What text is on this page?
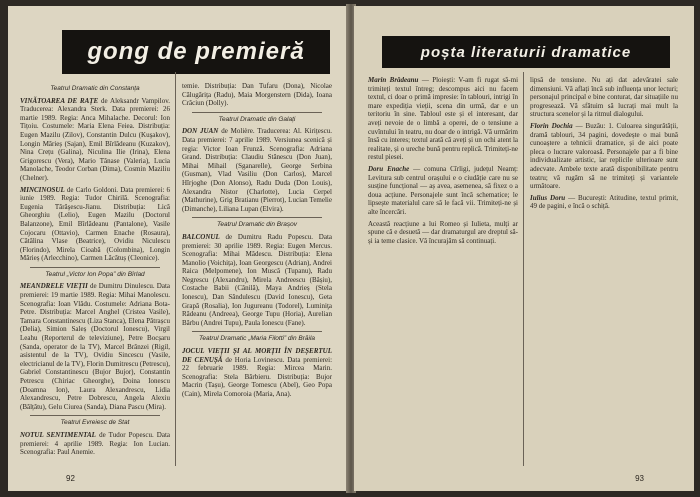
gong de premieră
Teatrul Dramatic din Constanța

VINĂTOAREA DE RAȚE de Aleksandr Vampilov. Traducerea: Alexandra Sterk. Data premierei: 26 martie 1989. Regia: Anca Mihalache. Decorul: Ion Tițoiu. Costumele: Maria Elena Feiea. Distribuția: Eugen Mazilu (Zilov), Constantin Dulcu (Kuşakov), Longin Mărieș (Sajan), Emil Bîrlădeanu (Kuzakov), Nina Crețu (Galina), Niculina Ilie (Irina), Elena Grigorescu (Vera), Mario Tănase (Valeria), Lucia Manolache, Teodor Corban (Dima), Cosmin Maziliu (Chelner).

MINCINOSUL de Carlo Goldoni. Data premierei: 6 iunie 1989. Regia: Tudor Chirilă. Scenografia: Eugenia Tărăşescu-Jianu. Distribuția: Lică Gheorghiu (Lelio), Eugen Mazilu (Doctorul Balanzone), Emil Bîrlădeanu (Pantalone), Vasile Cojocaru (Ottavio), Carmen Enache (Rosaura), Cătălina Vlase (Beatrice), Ovidiu Niculescu (Florindo), Mirela Cioabă (Colombina), Longin Mărieș (Arlecchino), Carmen Lăcătuș (Cleonice).

Teatrul „Victor Ion Popa” din Bîrlad

MEANDRELE VIEȚII de Dumitru Dinulescu. Data premierei: 19 martie 1989. Regia: Mihai Manolescu. Scenografia: Ioan Vlădu. Costumele: Adriana Bota-Petre. Distribuția: Marcel Anghel (Cristea Vasile), Tamara Constantinescu (Liza Stanca), Elena Pătrașcu (Delia), Simion Saleș (Doctorul Ionescu), Virgil Leahu (Reporterul de televiziune), Petre Bocșaru (Sanda, operator de la TV), Marcel Brânzei (Rigil, asistentul de la TV), Ovidiu Sincescu (Vasile, electricianul de la TV), Florin Dumitrescu (Petrescu), Gabriel Constantinescu (Bujor Bujor), Constantin Petrescu (Chiriac Gheorghe), Doina Ionescu (Doamna Ion), Laura Alexandrescu, Lidia Alexandrescu, Petre Dobrescu, Angela Alexiu (Bălțătu), Gelu Ciurea (Sanda), Diana Pascu (Mira).

Teatrul Evreiesc de Stat

NOTUL SENTIMENTAL de Tudor Popescu. Data premierei: 4 aprilie 1989. Regia: Ion Lucian. Scenografia: Paul Anemie.

temie. Distribuția: Dan Tufaru (Dona), Nicolae Călugărița (Radu), Maia Morgenstern (Dida), Ioana Crăciun (Dolly).

Teatrul Dramatic din Galați

DON JUAN de Molière. Traducerea: Al. Kirițescu. Data premierei: 7 aprilie 1989. Versiunea scenică și regia: Victor Ioan Frunză. Scenografia: Adriana Grand. Distribuția: Claudiu Stănescu (Don Juan), Mihai Mihail (Sganarelle), George Serbina (Gusman), Vlad Vasiliu (Don Carlos), Marcel Hîrjoghe (Don Alonso), Radu Duda (Don Louis), Alexandra Nistor (Charlotte), Lucia Cerpel (Mathurine), Grig Bratianu (Pierrot), Lucian Temelie (Dimanche), Liliana Lupan (Elvira).

Teatrul Dramatic din Brașov

BALCONUL de Dumitru Radu Popescu. Data premierei: 30 aprilie 1989. Regia: Eugen Mercus. Scenografia: Mihai Mădescu. Distribuția: Elena Manolio (Voichița), Ioan Georgescu (Adrian), Andrei Raica (Melpomene), Ion Muscă (Tupanu), Radu Negrescu (Alexandru), Mirela Andreescu (Bășiu), Costache Babii (Cănilă), Maya Andrieș (Stela Ionescu), Dan Săndulescu (David Ionescu), Geta Grapă (Rosalia), Ion Jugureanu (Todorel), Luminiţa Rădeanu (Andreea), George Tupu (Horia), Aurelian Bărbu (Andrei Tupu), Paula Ionescu (Fane).

Teatrul Dramatic „Maria Filotti” din Brăila

JOCUL VIEȚII ȘI AL MORȚII ÎN DEȘERTUL DE CENUȘĂ de Horia Lovinescu. Data premierei: 22 februarie 1989. Regia: Mircea Marin. Scenografia: Stela Bărbieru. Distribuția: Bujor Macrin (Tașu), George Tomescu (Abel), Geo Popa (Cain), Mirela Comoroia (Maria, Ana).

92
poșta literaturii dramatice

Marin Brădeanu — Ploiești: V-am fi rugat să-mi trimiteți textul întreg; descompus aici nu facem textul, ci doar o primă impresie: în tablouri, intrigi în mare expediția vieții, scena din urmă, dar e un teritoriu în sine. Tabloul este și el interesant, dar aveți nevoie de o limbă a operei, de o tensiune a cuvîntului în teatru, nu doar de o intrigă. Vă urmărim însă cu interes; textul arată că aveți și un ochi atent la realitate, și o ureche bună pentru replică. Trimiteți-ne restul piesei.

Doru Enache — comuna Cîrligi, județul Neamț: Levitura sub centrul orașului e o ciudăție care nu se susține funcțional — aș avea, asemenea, să fixez o a doua acțiune. Personajele sunt încă schematice; le lipsește materialul care să le facă vii. Trimiteți-ne și alte încercări.

Această reacțiune a lui Romeo și Iulieta, mulți ar spune că e desuetă — dar dramaturgul are dreptul să-și ia teme clasice. Vă încurajăm să continuați.

lipsă de tensiune. Nu ați dat adevăratei sale dimensiuni. Vă aflați încă sub influența unor lecturi; personajul principal e bine conturat, dar situațiile nu progresează. Vă sfătuim să lucrați mai mult la structura scenelor și la ritmul dialogului.

Florin Dochia — Buzău: 1. Culoarea singurătății, dramă tablouri, 34 pagini, dovedește o mai bună cunoaștere a tehnicii dramatice, și de aici poate pleca o lucrare valoroasă. Personajele par a fi bine individualizate artistic, iar replicile ulterioare sunt adecvate. Ambele texte arată disponibilitate pentru teatru; vă rugăm să ne trimiteți și variantele următoare.

Iulius Doru — București: Atitudine, textul primit, 49 de pagini, e încă o schiță.

93
